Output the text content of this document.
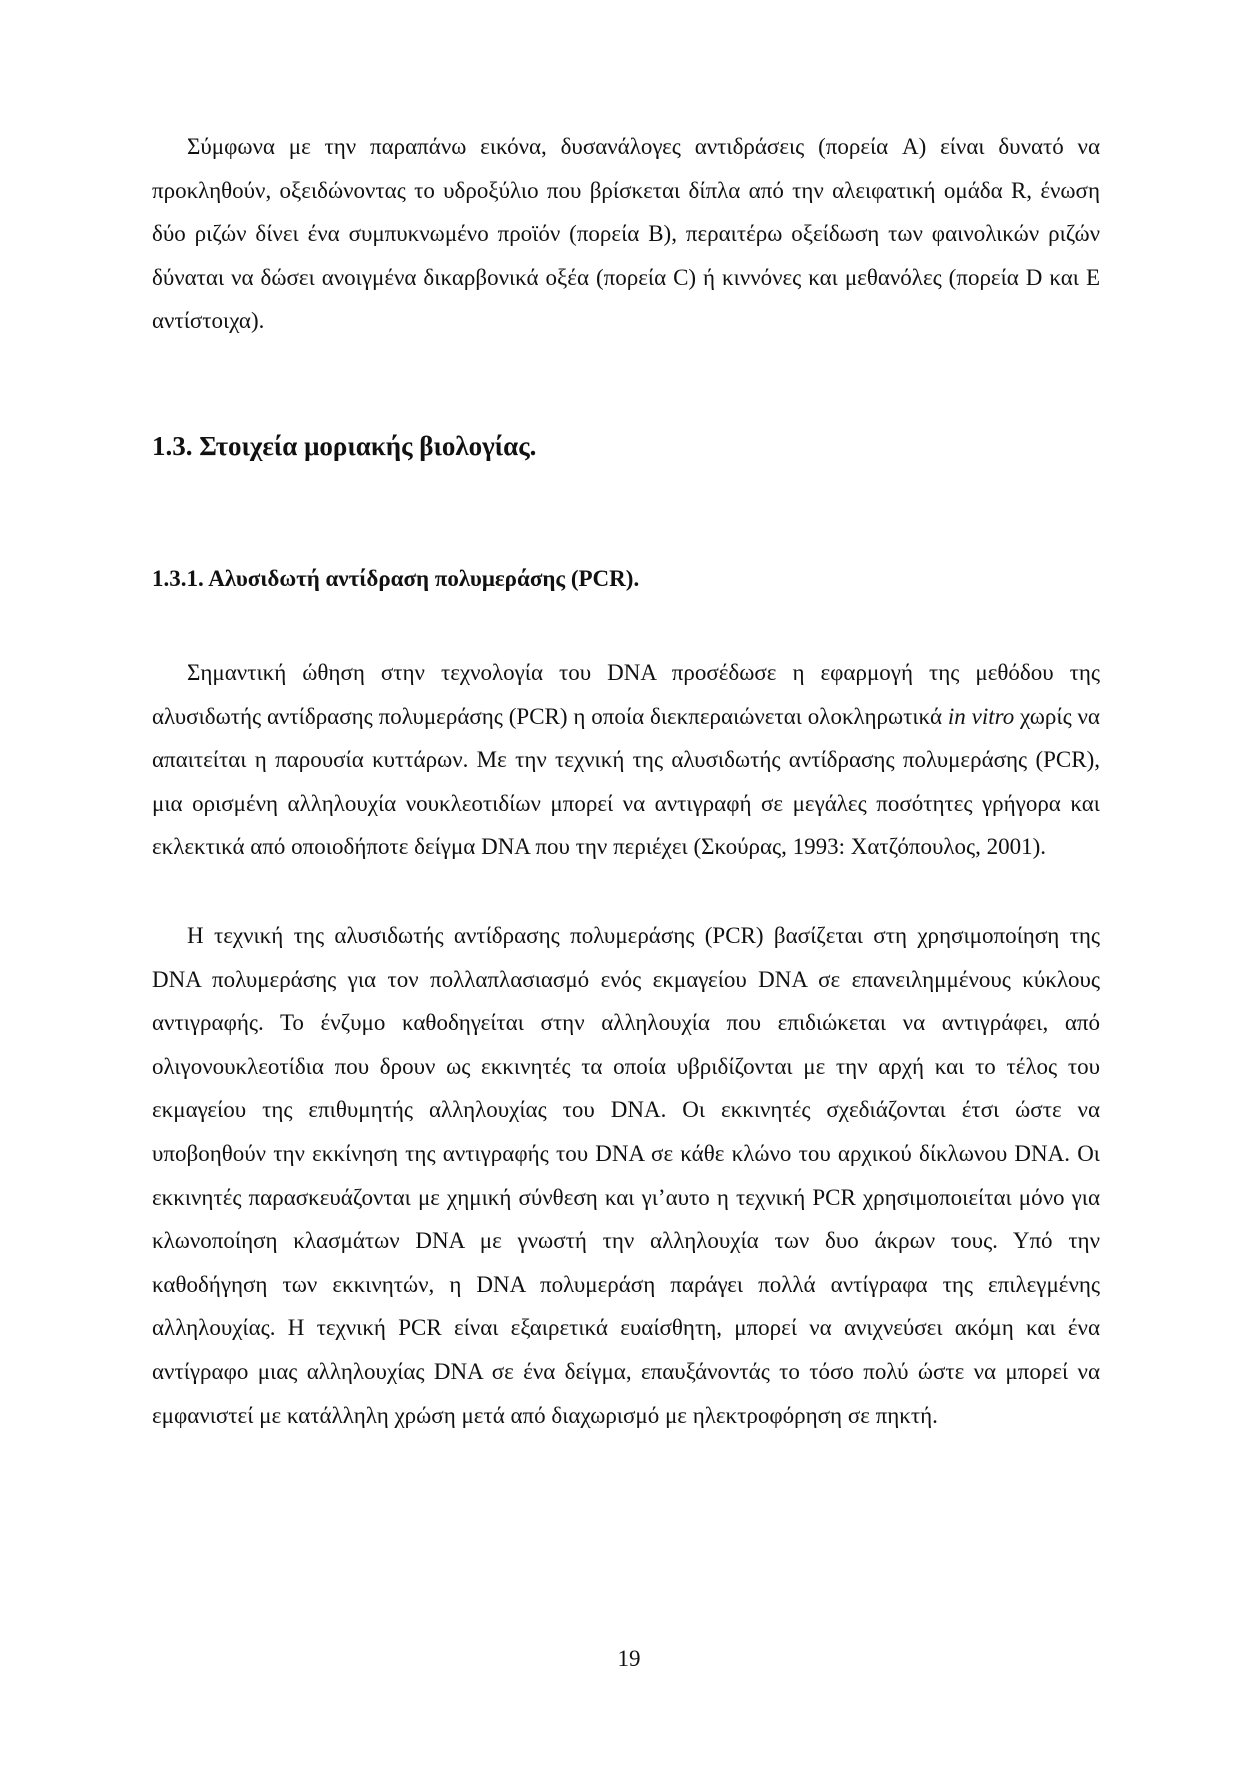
Σύμφωνα με την παραπάνω εικόνα, δυσανάλογες αντιδράσεις (πορεία A) είναι δυνατό να προκληθούν, οξειδώνοντας το υδροξύλιο που βρίσκεται δίπλα από την αλειφατική ομάδα R, ένωση δύο ριζών δίνει ένα συμπυκνωμένο προϊόν (πορεία B), περαιτέρω οξείδωση των φαινολικών ριζών δύναται να δώσει ανοιγμένα δικαρβονικά οξέα (πορεία C) ή κιννόνες και μεθανόλες (πορεία D και E αντίστοιχα).

1.3. Στοιχεία μοριακής βιολογίας.
1.3.1. Αλυσιδωτή αντίδραση πολυμεράσης (PCR).

Σημαντική ώθηση στην τεχνολογία του DNA προσέδωσε η εφαρμογή της μεθόδου της αλυσιδωτής αντίδρασης πολυμεράσης (PCR) η οποία διεκπεραιώνεται ολοκληρωτικά in vitro χωρίς να απαιτείται η παρουσία κυττάρων. Με την τεχνική της αλυσιδωτής αντίδρασης πολυμεράσης (PCR), μια ορισμένη αλληλουχία νουκλεοτιδίων μπορεί να αντιγραφή σε μεγάλες ποσότητες γρήγορα και εκλεκτικά από οποιοδήποτε δείγμα DNA που την περιέχει (Σκούρας, 1993: Χατζόπουλος, 2001).

Η τεχνική της αλυσιδωτής αντίδρασης πολυμεράσης (PCR) βασίζεται στη χρησιμοποίηση της DNA πολυμεράσης για τον πολλαπλασιασμό ενός εκμαγείου DNA σε επανειλημμένους κύκλους αντιγραφής. Το ένζυμο καθοδηγείται στην αλληλουχία που επιδιώκεται να αντιγράφει, από ολιγονουκλεοτίδια που δρουν ως εκκινητές τα οποία υβριδίζονται με την αρχή και το τέλος του εκμαγείου της επιθυμητής αλληλουχίας του DNA. Οι εκκινητές σχεδιάζονται έτσι ώστε να υποβοηθούν την εκκίνηση της αντιγραφής του DNA σε κάθε κλώνο του αρχικού δίκλωνου DNA. Οι εκκινητές παρασκευάζονται με χημική σύνθεση και γι’αυτο η τεχνική PCR χρησιμοποιείται μόνο για κλωνοποίηση κλασμάτων DNA με γνωστή την αλληλουχία των δυο άκρων τους. Υπό την καθοδήγηση των εκκινητών, η DNA πολυμεράση παράγει πολλά αντίγραφα της επιλεγμένης αλληλουχίας. Η τεχνική PCR είναι εξαιρετικά ευαίσθητη, μπορεί να ανιχνεύσει ακόμη και ένα αντίγραφο μιας αλληλουχίας DNA σε ένα δείγμα, επαυξάνοντάς το τόσο πολύ ώστε να μπορεί να εμφανιστεί με κατάλληλη χρώση μετά από διαχωρισμό με ηλεκτροφόρηση σε πηκτή.

19
